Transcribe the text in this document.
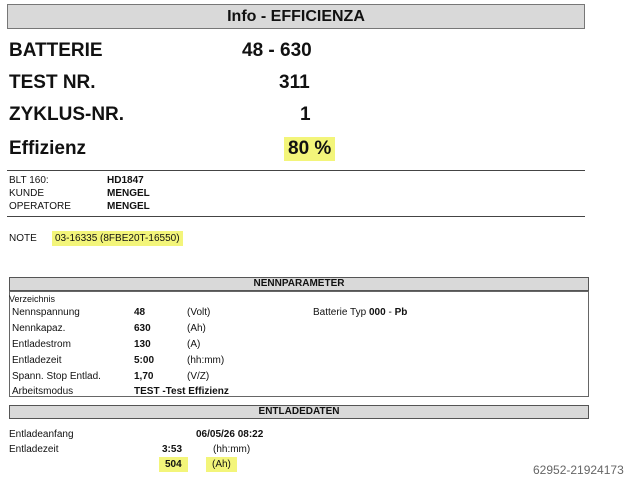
Info - EFFICIENZA
BATTERIE	48 - 630
TEST NR.	311
ZYKLUS-NR.	1
Effizienz	80 %
BLT 160:	HD1847
KUNDE	MENGEL
OPERATORE	MENGEL
NOTE	03-16335 (8FBE20T-16550)
NENNPARAMETER
Verzeichnis
Nennspannung	48	(Volt)
Nennkapaz.	630	(Ah)
Entladestrom	130	(A)
Entladezeit	5:00	(hh:mm)
Spann. Stop Entlad.	1,70	(V/Z)
Arbeitsmodus	TEST -Test Effizienz
Batterie Typ 000 - Pb
ENTLADEDATEN
Entladeanfang	06/05/26 08:22
Entladezeit	3:53	(hh:mm)
504	(Ah)	62952-21924173
